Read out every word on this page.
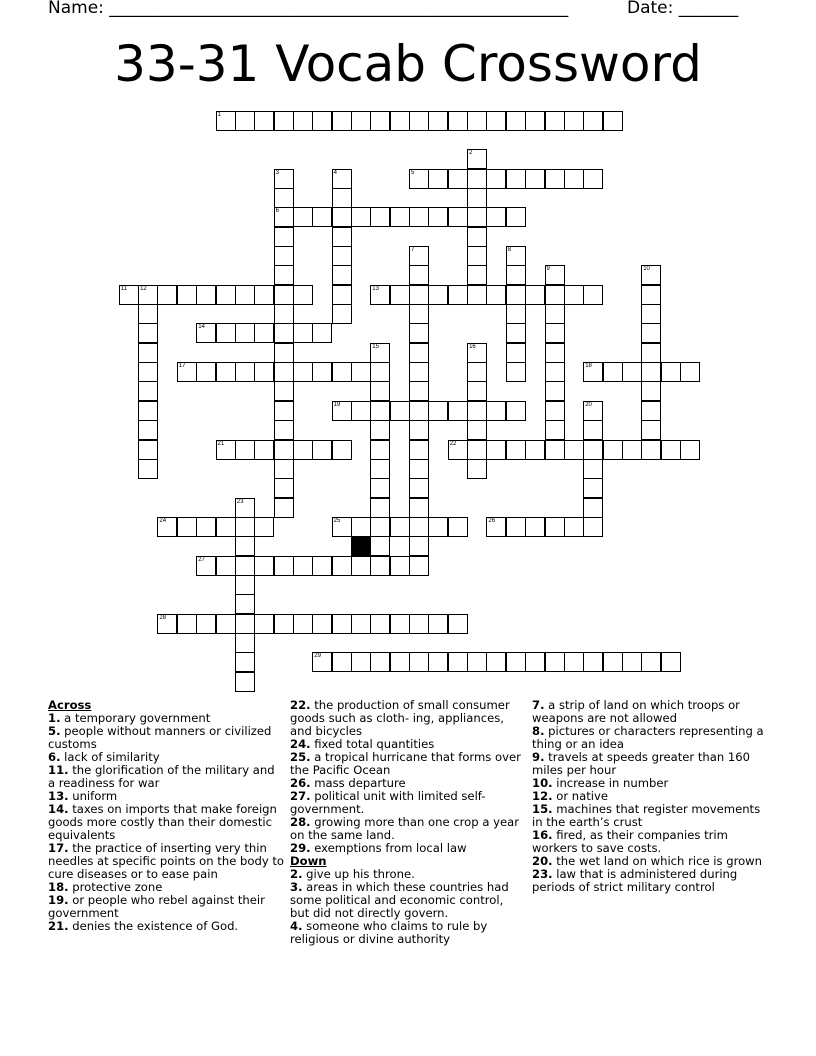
Name: ______________________________________________________	Date: _______
33-31 Vocab Crossword
1
2
3
6
4	5
7	8
9	10
11 12	13
14
15	16
17	18
19	20
21	22
23
24	25	26
27
28
29

Across

1. a temporary government

5. people without manners or civilized customs

6. lack of similarity

11. the glorification of the military and a readiness for war

13. uniform

14. taxes on imports that make foreign goods more costly than their domestic equivalents

17. the practice of inserting very thin needles at specific points on the body to cure diseases or to ease pain

18. protective zone

19. or people who rebel against their government

21. denies the existence of God.

22. the production of small consumer goods such as cloth- ing, appliances, and bicycles

24. fixed total quantities

25. a tropical hurricane that forms over the Pacific Ocean

26. mass departure

27. political unit with limited self-government.

28. growing more than one crop a year on the same land.

29. exemptions from local law

Down

2. give up his throne.

3. areas in which these countries had some political and economic control, but did not directly govern.

4. someone who claims to rule by religious or divine authority

7. a strip of land on which troops or weapons are not allowed

8. pictures or characters representing a thing or an idea

9. travels at speeds greater than 160 miles per hour

10. increase in number

12. or native

15. machines that register movements in the earth’s crust

16. fired, as their companies trim workers to save costs.

20. the wet land on which rice is grown

23. law that is administered during periods of strict military control
